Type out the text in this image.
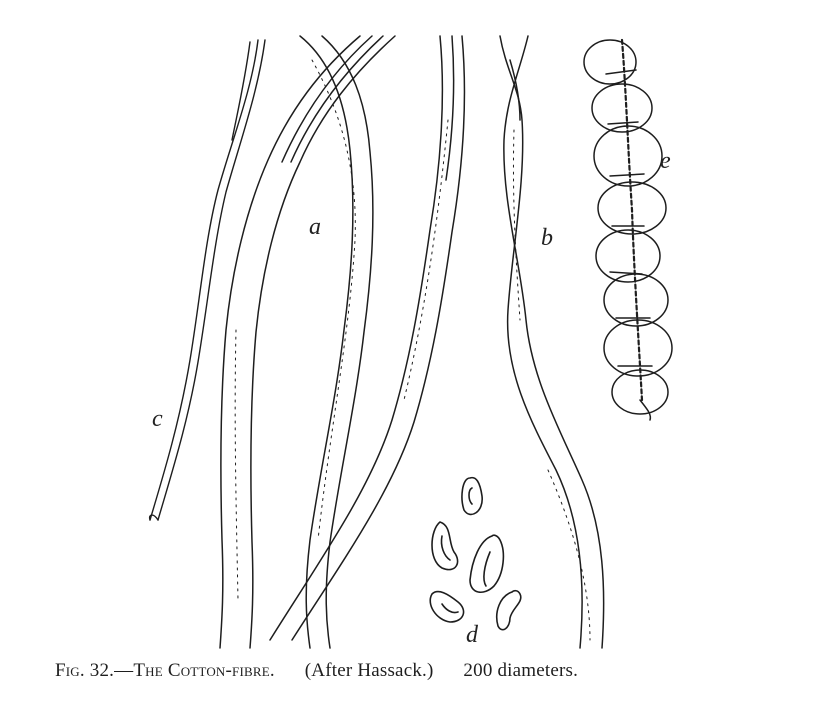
a	b
c
d
e
Fig. 32.—The Cotton-fibre. (After Hassack.) 200 diameters.
